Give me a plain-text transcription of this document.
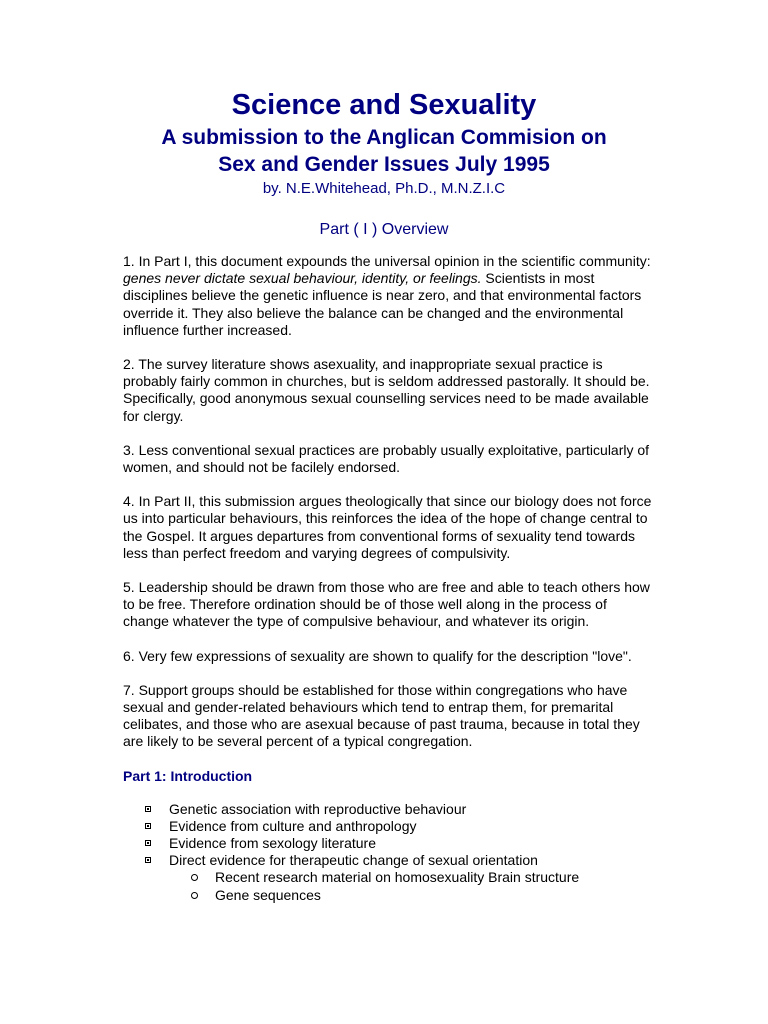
Science and Sexuality
A submission to the Anglican Commision on
Sex and Gender Issues July 1995
by. N.E.Whitehead, Ph.D., M.N.Z.I.C
Part ( I ) Overview

1. In Part I, this document expounds the universal opinion in the scientific community: genes never dictate sexual behaviour, identity, or feelings. Scientists in most disciplines believe the genetic influence is near zero, and that environmental factors override it. They also believe the balance can be changed and the environmental influence further increased.

2. The survey literature shows asexuality, and inappropriate sexual practice is probably fairly common in churches, but is seldom addressed pastorally. It should be. Specifically, good anonymous sexual counselling services need to be made available for clergy.

3. Less conventional sexual practices are probably usually exploitative, particularly of women, and should not be facilely endorsed.

4. In Part II, this submission argues theologically that since our biology does not force us into particular behaviours, this reinforces the idea of the hope of change central to the Gospel. It argues departures from conventional forms of sexuality tend towards less than perfect freedom and varying degrees of compulsivity.

5. Leadership should be drawn from those who are free and able to teach others how to be free. Therefore ordination should be of those well along in the process of change whatever the type of compulsive behaviour, and whatever its origin.

6. Very few expressions of sexuality are shown to qualify for the description "love".

7. Support groups should be established for those within congregations who have sexual and gender-related behaviours which tend to entrap them, for premarital celibates, and those who are asexual because of past trauma, because in total they are likely to be several percent of a typical congregation.

Part 1: Introduction
Genetic association with reproductive behaviour
Evidence from culture and anthropology
Evidence from sexology literature
Direct evidence for therapeutic change of sexual orientation
Recent research material on homosexuality Brain structure
Gene sequences
